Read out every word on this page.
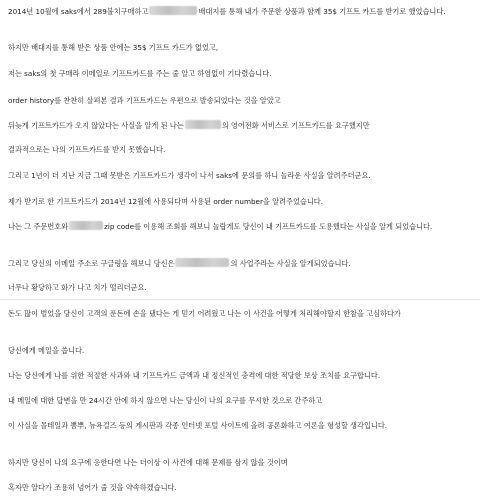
2014년 10월에 saks에서 289불치구매하고	배대지를 통해 내가 주문한 상품과 함께 35$ 기프트 카드를 받기로 했었습니다.

하지만 배대지를 통해 받은 상품 안에는 35$ 기프트 카드가 없었고,

저는 saks의 첫 구매라 이메일로 기프트카드를 주는 줄 알고 하염없이 기다렸습니다.

order history를 찬찬히 살펴본 결과 기프트카드는 우편으로 발송되었다는 것을 알았고

뒤늦게 기프트카드가 오지 않았다는 사실을 알게 된 나는	의 영어전화 서비스로 기프트카드를 요구했지만

결과적으로는 나의 기프트카드를 받지 못했습니다.

그리고 1년이 더 지난 지금 그때 못받은 기프트카드가 생각이 나서 saks에 문의를 하니 놀라운 사실을 알려주더군요.

제가 받기로 한 기프트카드가 2014년 12월에 사용되다며 사용된 order number을 알려주었습니다.

나는 그 주문번호와	zip code를 이용해 조회를 해보니 놀랍게도 당신이 내 기프트카드를 도용했다는 사실을 알게 되었습니다.

그리고 당신의 이메일 주소로 구글링을 해보니 당신은	의 사업주라는 사실을 알게되었습니다.

너무나 황당하고 화가 나고 치가 떨리더군요.

돈도 많이 벌었을 당신이 고객의 푼돈에 손을 댔다는 게 믿기 어려웠고 나는 이 사건을 어떻게 처리해야할지 한참을 고심하다가

당신에게 메일을 씁니다.

나는 당신에게 나를 위한 적절한 사과와 내 기프트카드 금액과 내 정신적인 충격에 대한 적당한 보상 조치를 요구합니다.

내 메일에 대한 답변을 만 24시간 안에 하지 않으면 나는 당신이 나의 요구를 무시한 것으로 간주하고

이 사실을 몰테일과 뽐뿌, 뉴욕걸즈 등의 게시판과 각종 인터넷 포털 사이트에 올려 공론화하고 여론을 형성할 생각입니다.

하지만 당신이 나의 요구에 응한다면 나는 더이상 이 사건에 대해 문제를 삼지 않을 것이며

혹자만 알다가 조용히 넘어가 줄 것을 약속하겠습니다.
